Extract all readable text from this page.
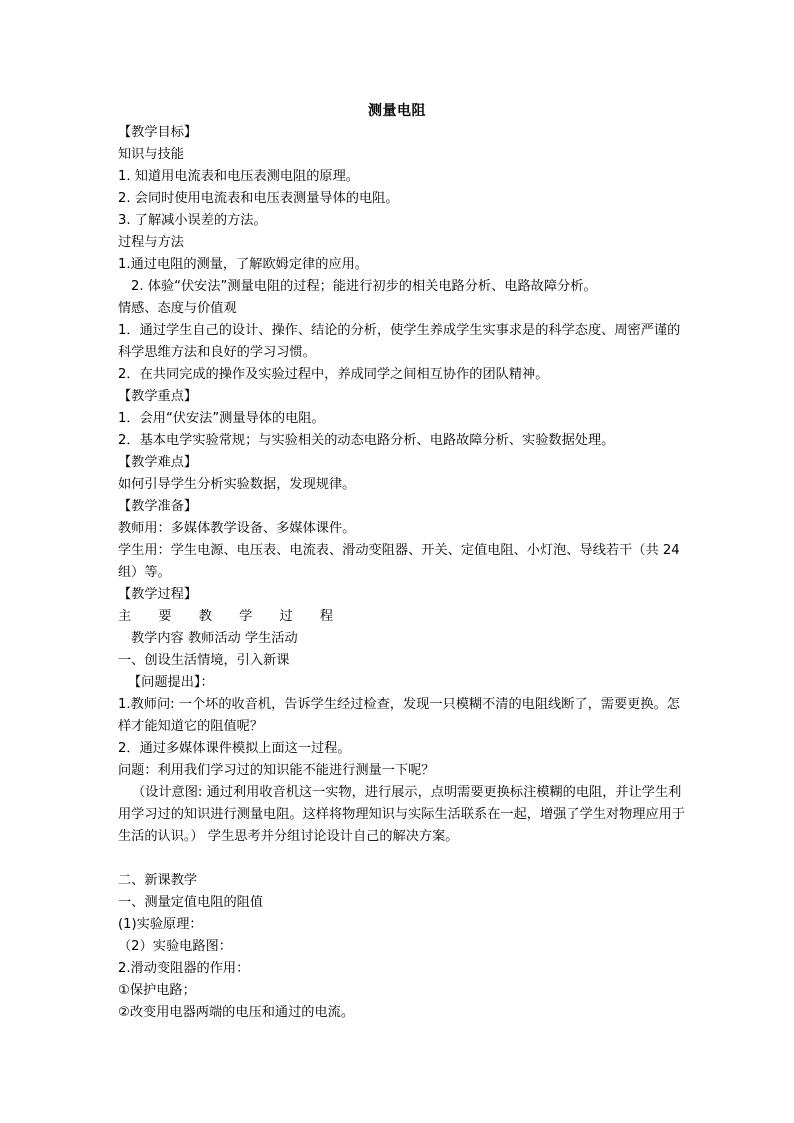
测量电阻
【教学目标】
知识与技能
1. 知道用电流表和电压表测电阻的原理。
2. 会同时使用电流表和电压表测量导体的电阻。
3. 了解减小误差的方法。
过程与方法
1.通过电阻的测量，了解欧姆定律的应用。
2. 体验“伏安法”测量电阻的过程；能进行初步的相关电路分析、电路故障分析。
情感、态度与价值观
1．通过学生自己的设计、操作、结论的分析，使学生养成学生实事求是的科学态度、周密严谨的科学思维方法和良好的学习习惯。
2．在共同完成的操作及实验过程中，养成同学之间相互协作的团队精神。
【教学重点】
1．会用“伏安法”测量导体的电阻。
2．基本电学实验常规；与实验相关的动态电路分析、电路故障分析、实验数据处理。
【教学难点】
如何引导学生分析实验数据，发现规律。
【教学准备】
教师用：多媒体教学设备、多媒体课件。
学生用：学生电源、电压表、电流表、滑动变阻器、开关、定值电阻、小灯泡、导线若干（共 24 组）等。
【教学过程】
主 要 教 学 过 程
教学内容 教师活动 学生活动
一、创设生活情境，引入新课
【问题提出】：
1.教师问: 一个坏的收音机，告诉学生经过检查，发现一只模糊不清的电阻线断了，需要更换。怎样才能知道它的阻值呢？
2．通过多媒体课件模拟上面这一过程。
问题：利用我们学习过的知识能不能进行测量一下呢？
（设计意图: 通过利用收音机这一实物，进行展示，点明需要更换标注模糊的电阻，并让学生利用学习过的知识进行测量电阻。这样将物理知识与实际生活联系在一起，增强了学生对物理应用于生活的认识。） 学生思考并分组讨论设计自己的解决方案。
二、新课教学
一、测量定值电阻的阻值
(1)实验原理：
（2）实验电路图：
2.滑动变阻器的作用：
①保护电路；
②改变用电器两端的电压和通过的电流。
